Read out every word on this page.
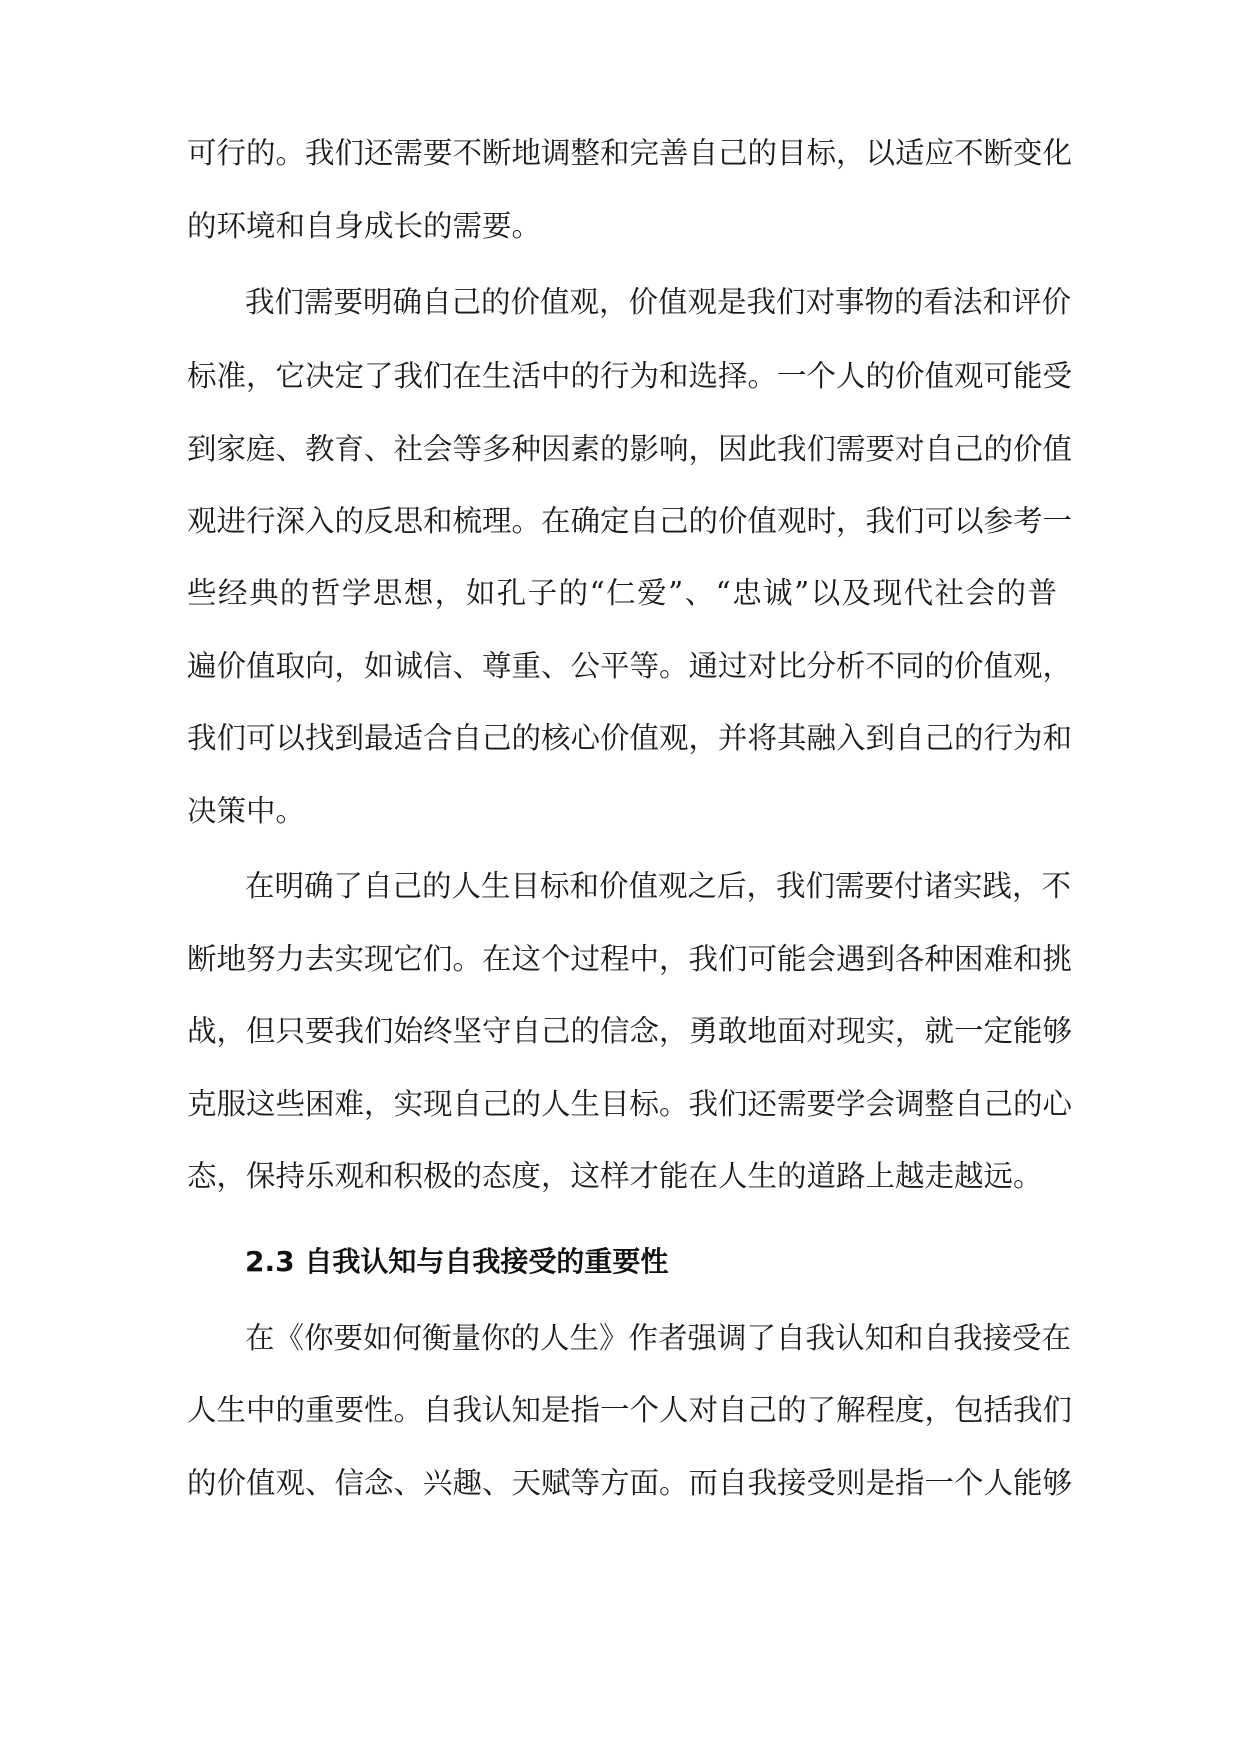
可行的。我们还需要不断地调整和完善自己的目标，以适应不断变化
的环境和自身成长的需要。
我们需要明确自己的价值观，价值观是我们对事物的看法和评价
标准，它决定了我们在生活中的行为和选择。一个人的价值观可能受
到家庭、教育、社会等多种因素的影响，因此我们需要对自己的价值
观进行深入的反思和梳理。在确定自己的价值观时，我们可以参考一
些经典的哲学思想，如孔子的“仁爱”、“忠诚”以及现代社会的普
遍价值取向，如诚信、尊重、公平等。通过对比分析不同的价值观，
我们可以找到最适合自己的核心价值观，并将其融入到自己的行为和
决策中。
在明确了自己的人生目标和价值观之后，我们需要付诸实践，不
断地努力去实现它们。在这个过程中，我们可能会遇到各种困难和挑
战，但只要我们始终坚守自己的信念，勇敢地面对现实，就一定能够
克服这些困难，实现自己的人生目标。我们还需要学会调整自己的心
态，保持乐观和积极的态度，这样才能在人生的道路上越走越远。
2.3 自我认知与自我接受的重要性
在《你要如何衡量你的人生》作者强调了自我认知和自我接受在
人生中的重要性。自我认知是指一个人对自己的了解程度，包括我们
的价值观、信念、兴趣、天赋等方面。而自我接受则是指一个人能够
